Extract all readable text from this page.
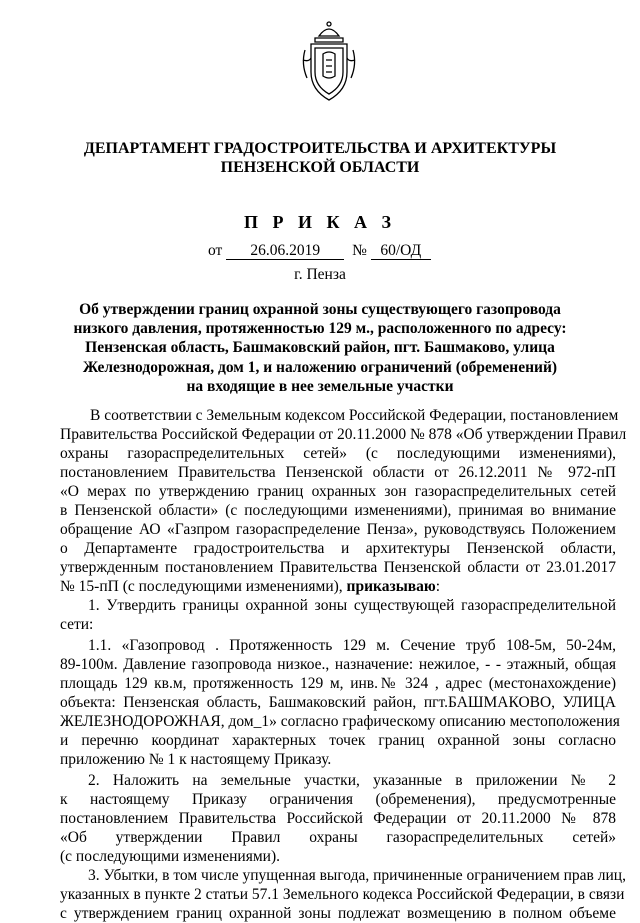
ДЕПАРТАМЕНТ ГРАДОСТРОИТЕЛЬСТВА И АРХИТЕКТУРЫ
ПЕНЗЕНСКОЙ ОБЛАСТИ
П Р И К А З
от 26.06.2019 № 60/ОД
г. Пенза
Об утверждении границ охранной зоны существующего газопровода
низкого давления, протяженностью 129 м., расположенного по адресу:
Пензенская область, Башмаковский район, пгт. Башмаково, улица
Железнодорожная, дом 1, и наложению ограничений (обременений)
на входящие в нее земельные участки
В соответствии с Земельным кодексом Российской Федерации, постановлением
Правительства Российской Федерации от 20.11.2000 № 878 «Об утверждении Правил
охраны газораспределительных сетей» (с последующими изменениями),
постановлением Правительства Пензенской области от 26.12.2011 № 972-пП
«О мерах по утверждению границ охранных зон газораспределительных сетей
в Пензенской области» (с последующими изменениями), принимая во внимание
обращение АО «Газпром газораспределение Пенза», руководствуясь Положением
о Департаменте градостроительства и архитектуры Пензенской области,
утвержденным постановлением Правительства Пензенской области от 23.01.2017
№ 15-пП (с последующими изменениями), приказываю:
1. Утвердить границы охранной зоны существующей газораспределительной
сети:
1.1. «Газопровод . Протяженность 129 м. Сечение труб 108-5м, 50-24м,
89-100м. Давление газопровода низкое., назначение: нежилое, - - этажный, общая
площадь 129 кв.м, протяженность 129 м, инв.№ 324 , адрес (местонахождение)
объекта: Пензенская область, Башмаковский район, пгт.БАШМАКОВО, УЛИЦА
ЖЕЛЕЗНОДОРОЖНАЯ, дом_1» согласно графическому описанию местоположения
и перечню координат характерных точек границ охранной зоны согласно
приложению № 1 к настоящему Приказу.
2. Наложить на земельные участки, указанные в приложении № 2
к настоящему Приказу ограничения (обременения), предусмотренные
постановлением Правительства Российской Федерации от 20.11.2000 № 878
«Об утверждении Правил охраны газораспределительных сетей»
(с последующими изменениями).
3. Убытки, в том числе упущенная выгода, причиненные ограничением прав лиц,
указанных в пункте 2 статьи 57.1 Земельного кодекса Российской Федерации, в связи
с утверждением границ охранной зоны подлежат возмещению в полном объеме
